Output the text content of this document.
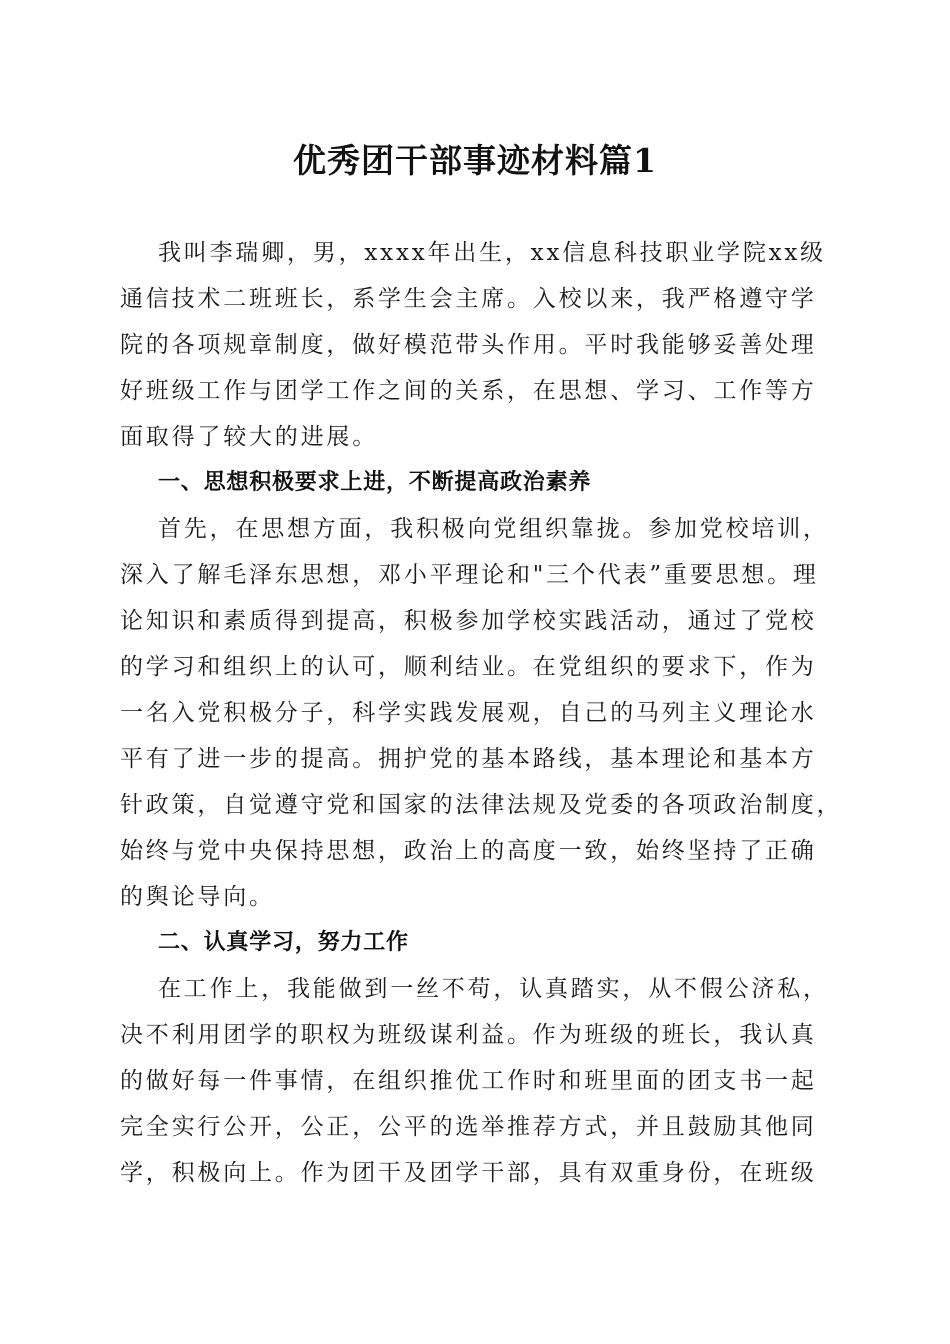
优秀团干部事迹材料篇1
我叫李瑞卿，男，xxxx年出生，xx信息科技职业学院xx级
通信技术二班班长，系学生会主席。入校以来，我严格遵守学
院的各项规章制度，做好模范带头作用。平时我能够妥善处理
好班级工作与团学工作之间的关系，在思想、学习、工作等方
面取得了较大的进展。
一、思想积极要求上进，不断提高政治素养
首先，在思想方面，我积极向党组织靠拢。参加党校培训，
深入了解毛泽东思想，邓小平理论和"三个代表”重要思想。理
论知识和素质得到提高，积极参加学校实践活动，通过了党校
的学习和组织上的认可，顺利结业。在党组织的要求下，作为
一名入党积极分子，科学实践发展观，自己的马列主义理论水
平有了进一步的提高。拥护党的基本路线，基本理论和基本方
针政策，自觉遵守党和国家的法律法规及党委的各项政治制度，
始终与党中央保持思想，政治上的高度一致，始终坚持了正确
的舆论导向。
二、认真学习，努力工作
在工作上，我能做到一丝不苟，认真踏实，从不假公济私，
决不利用团学的职权为班级谋利益。作为班级的班长，我认真
的做好每一件事情，在组织推优工作时和班里面的团支书一起
完全实行公开，公正，公平的选举推荐方式，并且鼓励其他同
学，积极向上。作为团干及团学干部，具有双重身份，在班级
